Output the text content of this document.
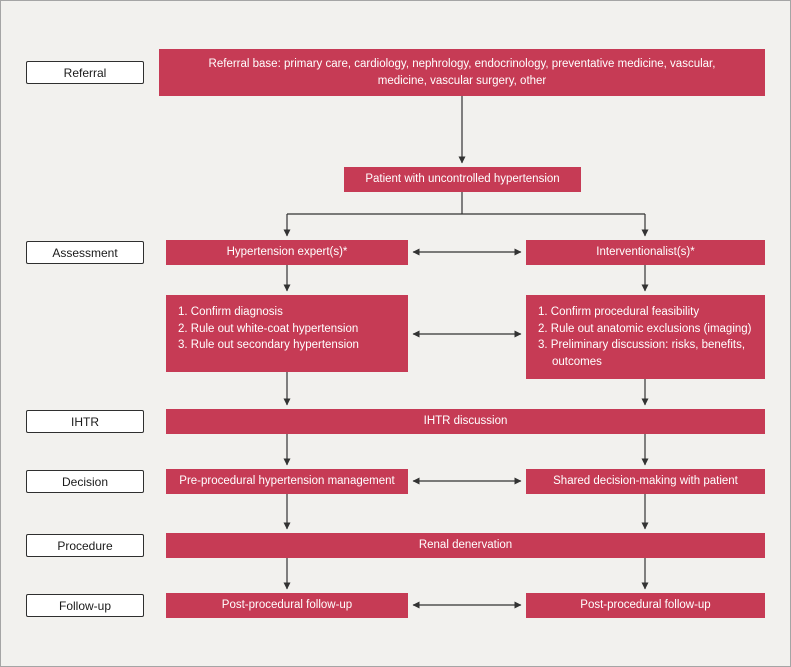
Referral
Assessment
IHTR
Decision
Procedure
Follow-up
Referral base: primary care, cardiology, nephrology, endocrinology, preventative medicine, vascular, medicine, vascular surgery, other
Patient with uncontrolled hypertension
Hypertension expert(s)*	Interventionalist(s)*
1. Confirm diagnosis
2. Rule out white-coat hypertension
3. Rule out secondary hypertension
1. Confirm procedural feasibility
2. Rule out anatomic exclusions (imaging)
3. Preliminary discussion: risks, benefits, outcomes
IHTR discussion
Pre-procedural hypertension management	Shared decision-making with patient
Renal denervation
Post-procedural follow-up	Post-procedural follow-up
